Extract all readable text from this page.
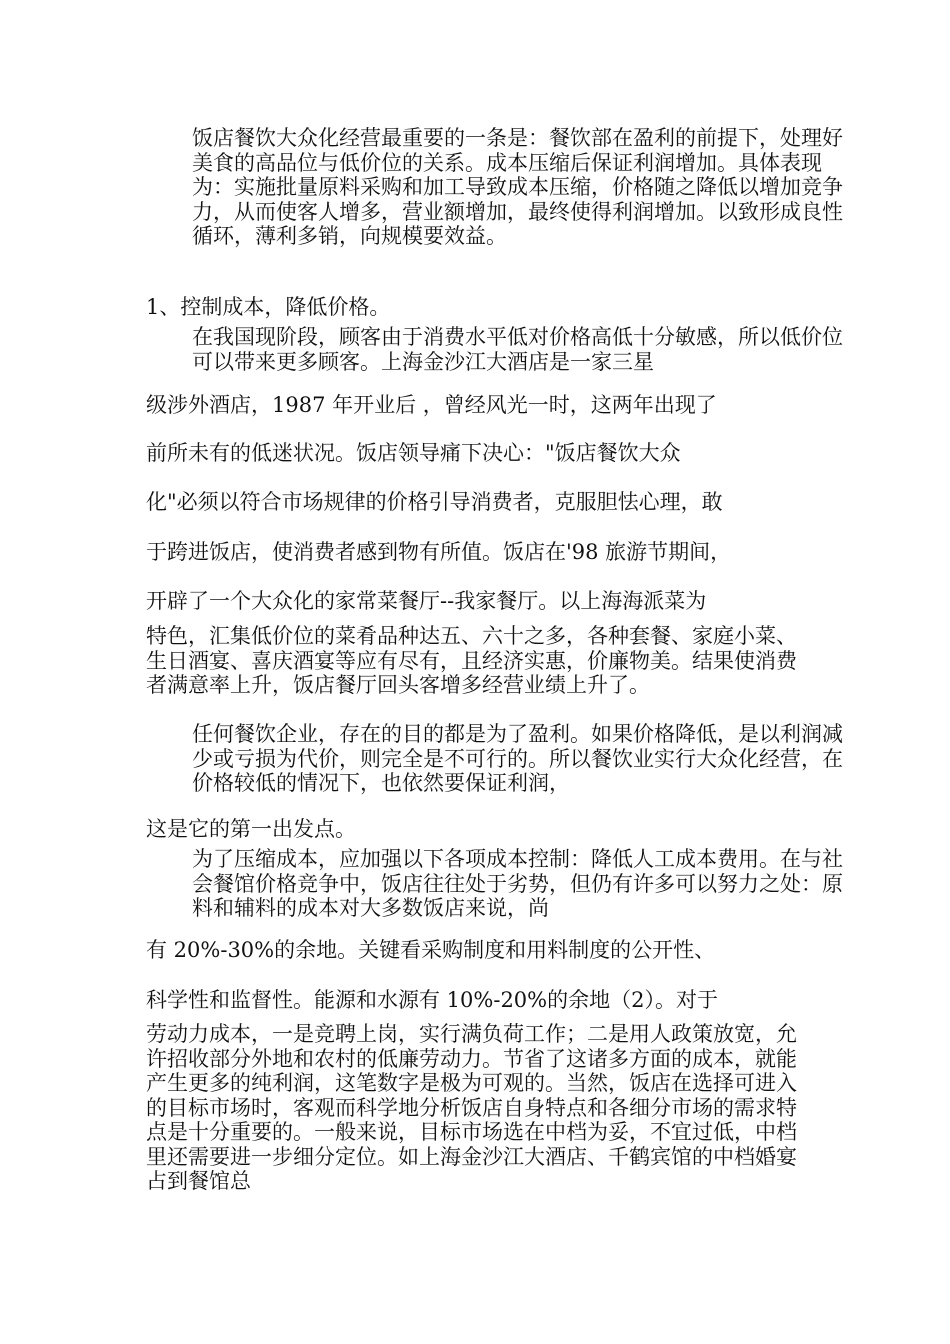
饭店餐饮大众化经营最重要的一条是：餐饮部在盈利的前提下，处理好美食的高品位与低价位的关系。成本压缩后保证利润增加。具体表现为：实施批量原料采购和加工导致成本压缩，价格随之降低以增加竞争力，从而使客人增多，营业额增加，最终使得利润增加。以致形成良性循环，薄利多销，向规模要效益。
1、控制成本，降低价格。
在我国现阶段，顾客由于消费水平低对价格高低十分敏感，所以低价位可以带来更多顾客。上海金沙江大酒店是一家三星
级涉外酒店，1987 年开业后 ，曾经风光一时，这两年出现了
前所未有的低迷状况。饭店领导痛下决心："饭店餐饮大众
化"必须以符合市场规律的价格引导消费者，克服胆怯心理，敢
于跨进饭店，使消费者感到物有所值。饭店在'98 旅游节期间，
开辟了一个大众化的家常菜餐厅--我家餐厅。以上海海派菜为
特色，汇集低价位的菜肴品种达五、六十之多，各种套餐、家庭小菜、生日酒宴、喜庆酒宴等应有尽有，且经济实惠，价廉物美。结果使消费者满意率上升，饭店餐厅回头客增多经营业绩上升了。
任何餐饮企业，存在的目的都是为了盈利。如果价格降低，是以利润减少或亏损为代价，则完全是不可行的。所以餐饮业实行大众化经营，在价格较低的情况下，也依然要保证利润，
这是它的第一出发点。
为了压缩成本，应加强以下各项成本控制：降低人工成本费用。在与社会餐馆价格竞争中，饭店往往处于劣势，但仍有许多可以努力之处：原料和辅料的成本对大多数饭店来说，尚
有 20%-30%的余地。关键看采购制度和用料制度的公开性、
科学性和监督性。能源和水源有 10%-20%的余地（2）。对于
劳动力成本，一是竞聘上岗，实行满负荷工作；二是用人政策放宽，允许招收部分外地和农村的低廉劳动力。节省了这诸多方面的成本，就能产生更多的纯利润，这笔数字是极为可观的。当然，饭店在选择可进入的目标市场时，客观而科学地分析饭店自身特点和各细分市场的需求特点是十分重要的。一般来说，目标市场选在中档为妥，不宜过低，中档里还需要进一步细分定位。如上海金沙江大酒店、千鹤宾馆的中档婚宴占到餐馆总
